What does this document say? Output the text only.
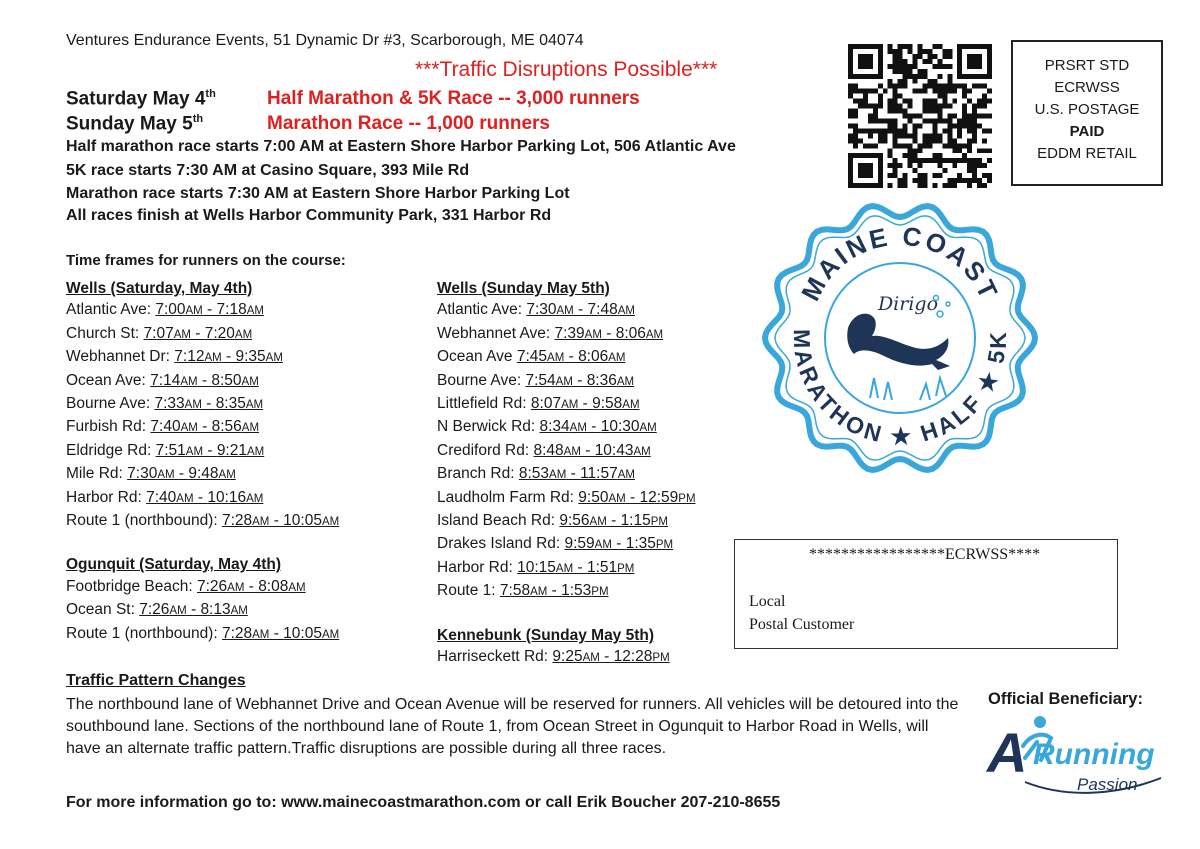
Ventures Endurance Events, 51 Dynamic Dr #3, Scarborough, ME 04074
***Traffic Disruptions Possible***
Saturday May 4th	Half Marathon & 5K Race -- 3,000 runners
Sunday May 5th	Marathon Race -- 1,000 runners
Half marathon race starts 7:00 AM at Eastern Shore Harbor Parking Lot, 506 Atlantic Ave
5K race starts 7:30 AM at Casino Square, 393 Mile Rd
Marathon race starts 7:30 AM at Eastern Shore Harbor Parking Lot
All races finish at Wells Harbor Community Park, 331 Harbor Rd
PRSRT STD
ECRWSS
U.S. POSTAGE
PAID
EDDM RETAIL
MAINE COAST
MARATHON ★ HALF ★ 5K
Dirigo
Time frames for runners on the course:
Wells (Saturday, May 4th)
Atlantic Ave: 7:00AM - 7:18AM
Church St: 7:07AM - 7:20AM
Webhannet Dr: 7:12AM - 9:35AM
Ocean Ave: 7:14AM - 8:50AM
Bourne Ave: 7:33AM - 8:35AM
Furbish Rd: 7:40AM - 8:56AM
Eldridge Rd: 7:51AM - 9:21AM
Mile Rd: 7:30AM - 9:48AM
Harbor Rd: 7:40AM - 10:16AM
Route 1 (northbound): 7:28AM - 10:05AM
Ogunquit (Saturday, May 4th)
Footbridge Beach: 7:26AM - 8:08AM
Ocean St: 7:26AM - 8:13AM
Route 1 (northbound): 7:28AM - 10:05AM
Wells (Sunday May 5th)
Atlantic Ave: 7:30AM - 7:48AM
Webhannet Ave: 7:39AM - 8:06AM
Ocean Ave 7:45AM - 8:06AM
Bourne Ave: 7:54AM - 8:36AM
Littlefield Rd: 8:07AM - 9:58AM
N Berwick Rd: 8:34AM - 10:30AM
Crediford Rd: 8:48AM - 10:43AM
Branch Rd: 8:53AM - 11:57AM
Laudholm Farm Rd: 9:50AM - 12:59PM
Island Beach Rd: 9:56AM - 1:15PM
Drakes Island Rd: 9:59AM - 1:35PM
Harbor Rd: 10:15AM - 1:51PM
Route 1: 7:58AM - 1:53PM
Kennebunk (Sunday May 5th)
Harriseckett Rd: 9:25AM - 12:28PM
*****************ECRWSS****
Local
Postal Customer
Traffic Pattern Changes
The northbound lane of Webhannet Drive and Ocean Avenue will be reserved for runners. All vehicles will be detoured into the southbound lane. Sections of the northbound lane of Route 1, from Ocean Street in Ogunquit to Harbor Road in Wells, will have an alternate traffic pattern.Traffic disruptions are possible during all three races.
For more information go to: www.mainecoastmarathon.com or call Erik Boucher 207-210-8655
Official Beneficiary:
A Running
Passion
